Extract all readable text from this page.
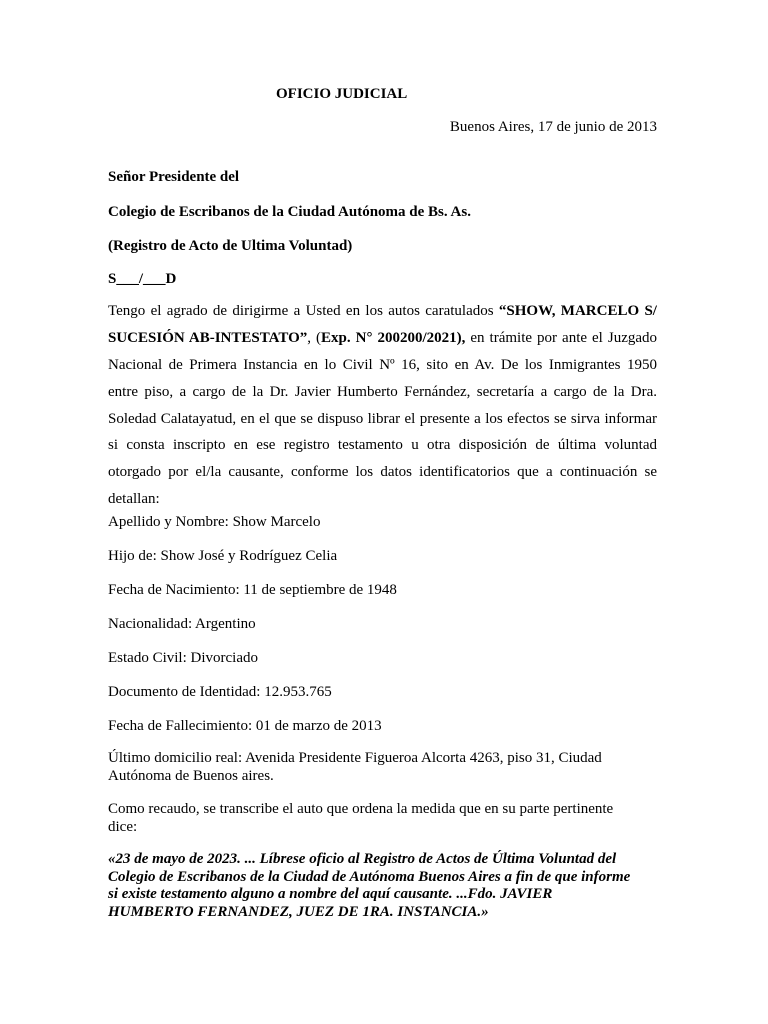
OFICIO JUDICIAL
Buenos Aires, 17 de junio de 2013
Señor Presidente del
Colegio de Escribanos de la Ciudad Autónoma de Bs. As.
(Registro de Acto de Ultima Voluntad)
S___/___D
Tengo el agrado de dirigirme a Usted en los autos caratulados “SHOW, MARCELO S/
SUCESIÓN AB-INTESTATO”, (Exp. N° 200200/2021), en trámite por ante el Juzgado
Nacional de Primera Instancia en lo Civil Nº 16, sito en Av. De los Inmigrantes 1950
entre piso, a cargo de la Dr. Javier Humberto Fernández, secretaría a cargo de la Dra.
Soledad Calatayatud, en el que se dispuso librar el presente a los efectos se sirva informar
si consta inscripto en ese registro testamento u otra disposición de última voluntad
otorgado por el/la causante, conforme los datos identificatorios que a continuación se
detallan:
Apellido y Nombre: Show Marcelo
Hijo de: Show José y Rodríguez Celia
Fecha de Nacimiento: 11 de septiembre de 1948
Nacionalidad: Argentino
Estado Civil: Divorciado
Documento de Identidad: 12.953.765
Fecha de Fallecimiento: 01 de marzo de 2013
Último domicilio real: Avenida Presidente Figueroa Alcorta 4263, piso 31, Ciudad
Autónoma de Buenos aires.
Como recaudo, se transcribe el auto que ordena la medida que en su parte pertinente
dice:
«23 de mayo de 2023. ... Líbrese oficio al Registro de Actos de Última Voluntad del
Colegio de Escribanos de la Ciudad de Autónoma Buenos Aires a fin de que informe
si existe testamento alguno a nombre del aquí causante. ...Fdo. JAVIER
HUMBERTO FERNANDEZ, JUEZ DE 1RA. INSTANCIA.»
